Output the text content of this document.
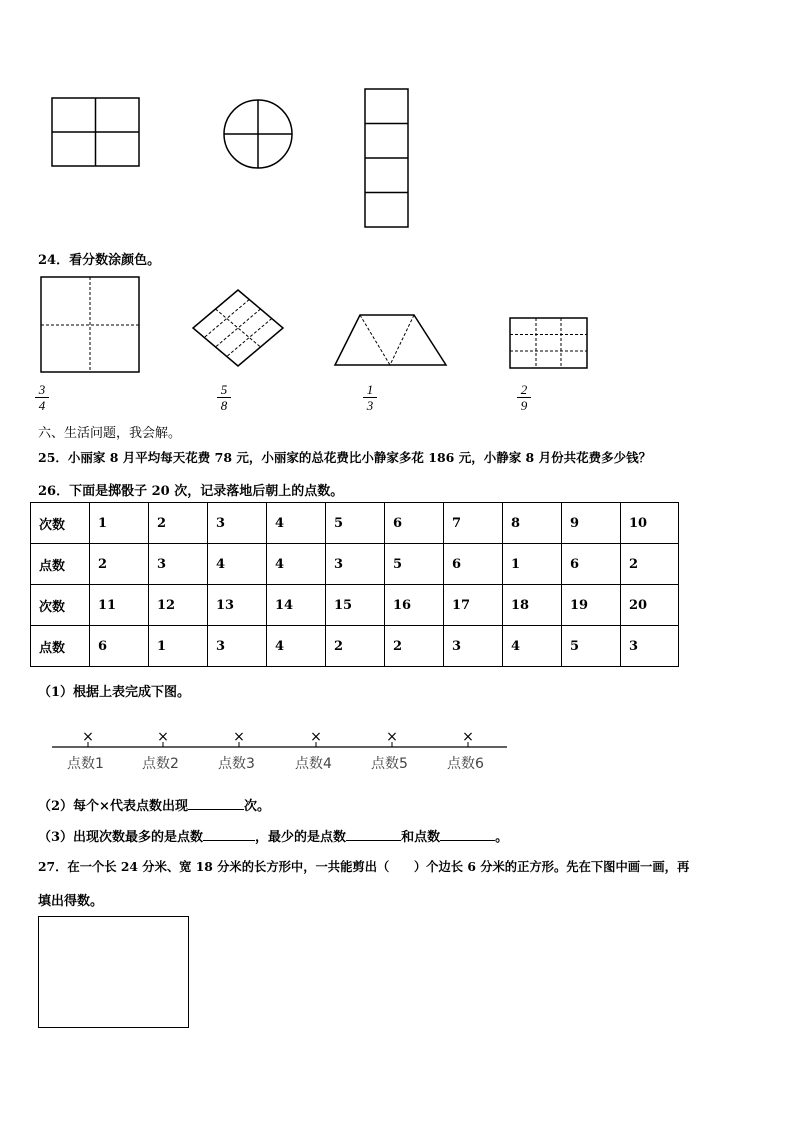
24．看分数涂颜色。
3
4
5
8
1
3
2
9
六、生活问题，我会解。
25．小丽家 8 月平均每天花费 78 元，小丽家的总花费比小静家多花 186 元，小静家 8 月份共花费多少钱？
26．下面是掷骰子 20 次，记录落地后朝上的点数。
次数	1	2	3	4	5	6	7	8	9	10
点数	2	3	4	4	3	5	6	1	6	2
次数	11	12	13	14	15	16	17	18	19	20
点数	6	1	3	4	2	2	3	4	5	3
（1）根据上表完成下图。
×	×	×	×	×	×
点数1	点数2	点数3	点数4	点数5	点数6
（2）每个×代表点数出现	次。
（3）出现次数最多的是点数	，最少的是点数	和点数	。
27．在一个长 24 分米、宽 18 分米的长方形中，一共能剪出（　　）个边长 6 分米的正方形。先在下图中画一画，再
填出得数。
